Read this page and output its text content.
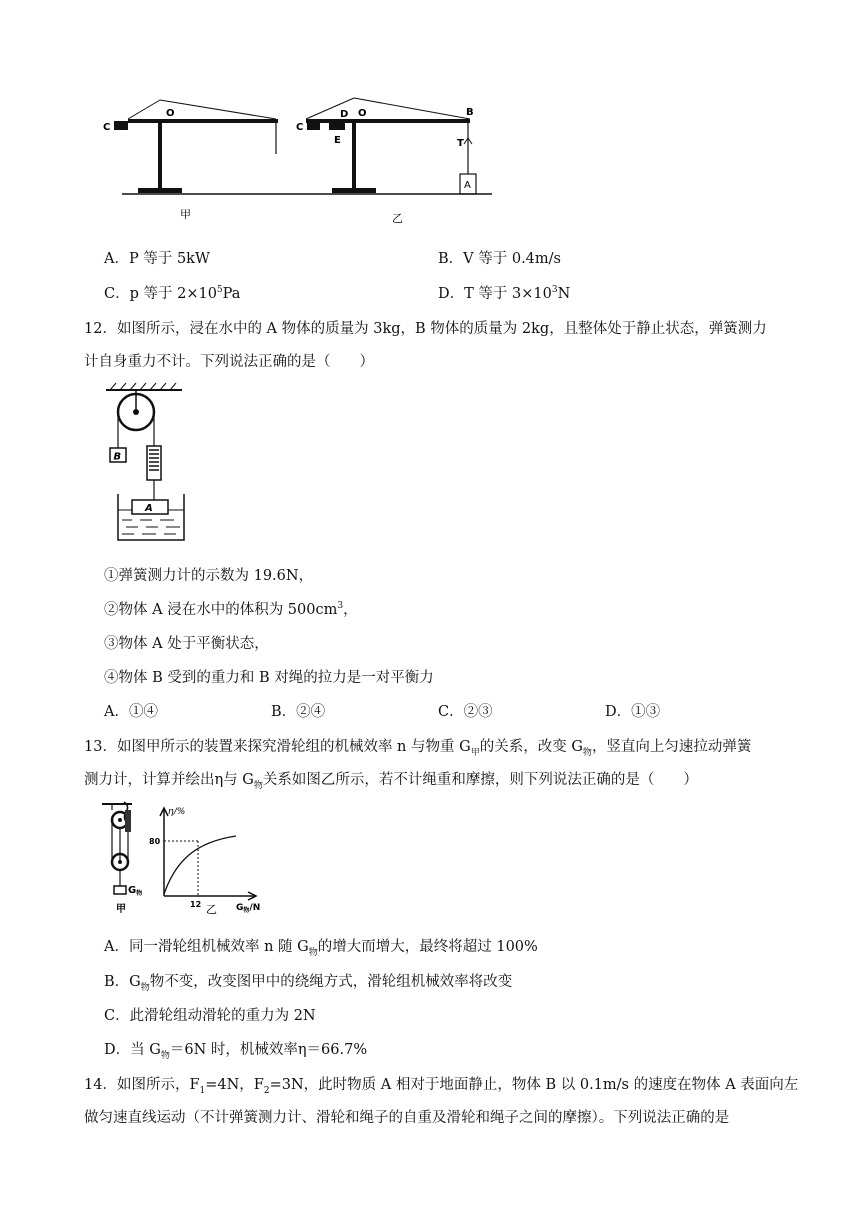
C
O
C
D O
E
B
T
A
甲	乙
A．P 等于 5kW	B．V 等于 0.4m/s
C．p 等于 $2\times 10^5Pa$	D．T 等于 $3\times 10^3N$
12．如图所示，浸在水中的 A 物体的质量为 3kg，B 物体的质量为 2kg，且整体处于静止状态，弹簧测力
计自身重力不计。下列说法正确的是（　　）
B
A
①弹簧测力计的示数为 19.6N，
②物体 A 浸在水中的体积为 $500cm^3$，
③物体 A 处于平衡状态，
④物体 B 受到的重力和 B 对绳的拉力是一对平衡力
A．①④	B．②④	C．②③	D．①③
13．如图甲所示的装置来探究滑轮组的机械效率 n 与物重 $G_甲$的关系，改变 $G_物$，竖直向上匀速拉动弹簧
测力计，计算并绘出η与 $G_物$关系如图乙所示，若不计绳重和摩擦，则下列说法正确的是（　　）
$G_物$
甲
η/%
80
12	$G_物/N$
乙
A．同一滑轮组机械效率 n 随 $G_物$的增大而增大，最终将超过 100%
B．$G_物$物不变，改变图甲中的绕绳方式，滑轮组机械效率将改变
C．此滑轮组动滑轮的重力为 2N
D．当 $G_物=6N$ 时，机械效率η＝66.7%
14．如图所示，$F_1=4N$，$F_2=3N$，此时物质 A 相对于地面静止，物体 B 以 0.1m/s 的速度在物体 A 表面向左
做匀速直线运动（不计弹簧测力计、滑轮和绳子的自重及滑轮和绳子之间的摩擦）。下列说法正确的是
